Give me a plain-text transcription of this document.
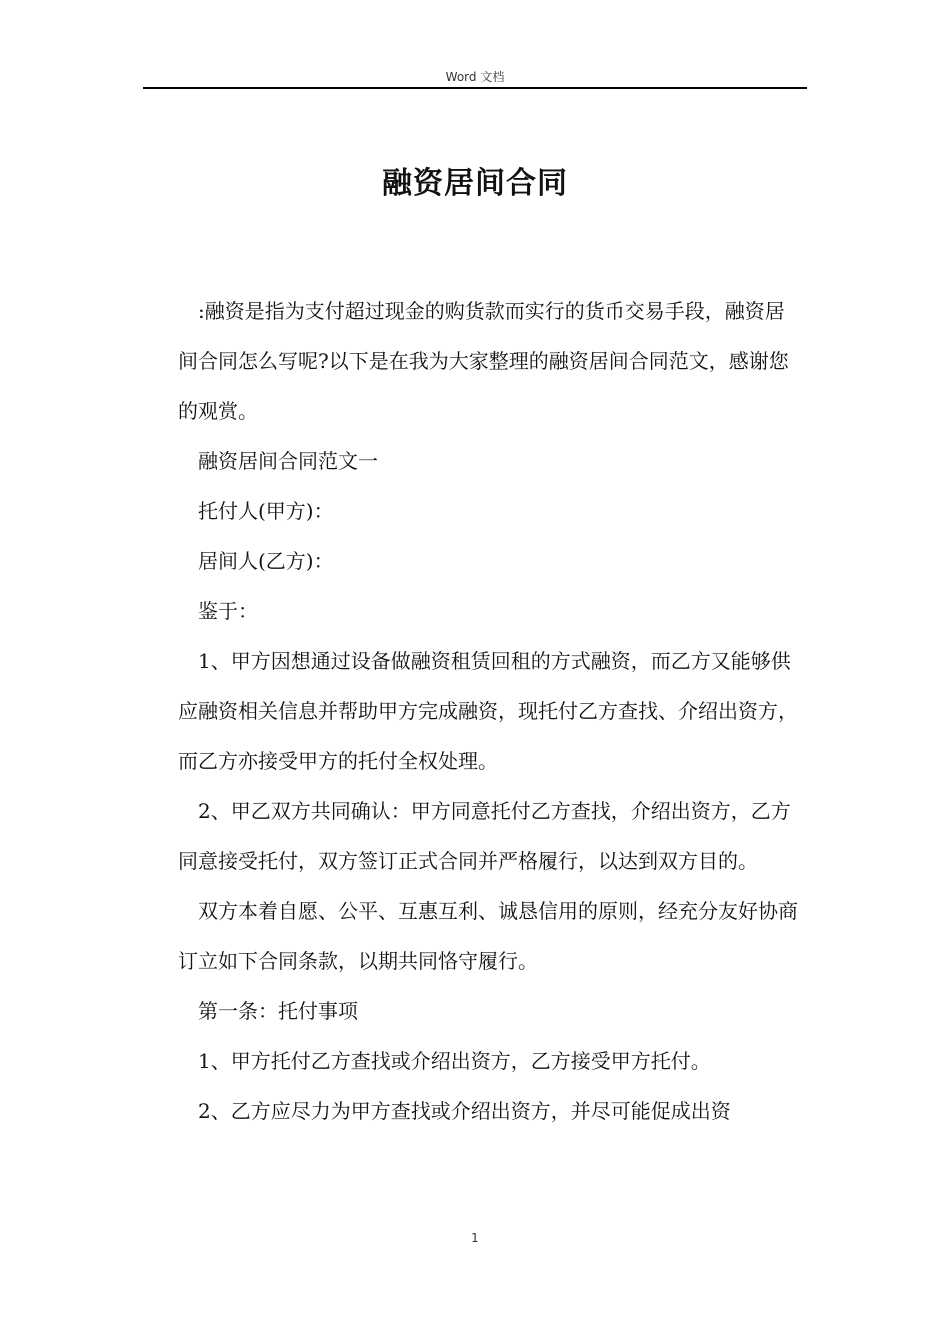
Word 文档
融资居间合同

:融资是指为支付超过现金的购货款而实行的货币交易手段，融资居间合同怎么写呢?以下是在我为大家整理的融资居间合同范文，感谢您的观赏。

融资居间合同范文一

托付人(甲方)：

居间人(乙方)：

鉴于：

1、甲方因想通过设备做融资租赁回租的方式融资，而乙方又能够供应融资相关信息并帮助甲方完成融资，现托付乙方查找、介绍出资方，而乙方亦接受甲方的托付全权处理。

2、甲乙双方共同确认：甲方同意托付乙方查找，介绍出资方，乙方同意接受托付，双方签订正式合同并严格履行，以达到双方目的。

双方本着自愿、公平、互惠互利、诚恳信用的原则，经充分友好协商订立如下合同条款，以期共同恪守履行。

第一条：托付事项

1、甲方托付乙方查找或介绍出资方，乙方接受甲方托付。

2、乙方应尽力为甲方查找或介绍出资方，并尽可能促成出资

1
